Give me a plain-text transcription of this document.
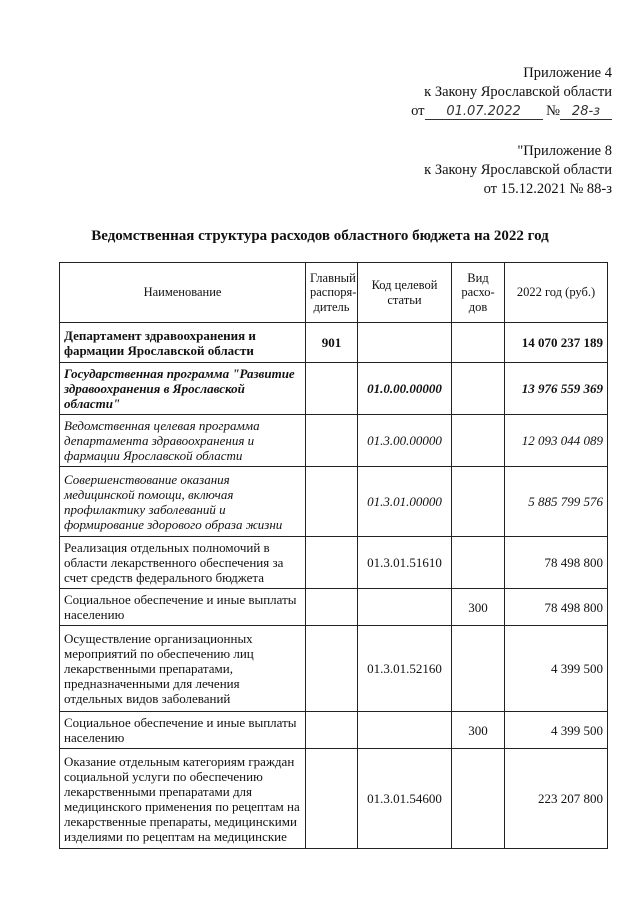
Приложение 4
к Закону Ярославской области
от 01.07.2022 № 28-з
"Приложение 8
к Закону Ярославской области
от 15.12.2021 № 88-з
Ведомственная структура расходов областного бюджета на 2022 год
Наименование	Главный распоря-дитель	Код целевой статьи	Вид расхо-дов	2022 год (руб.)
Департамент здравоохранения и фармации Ярославской области	901			14 070 237 189
Государственная программа "Развитие здравоохранения в Ярославской области"		01.0.00.00000		13 976 559 369
Ведомственная целевая программа департамента здравоохранения и фармации Ярославской области		01.3.00.00000		12 093 044 089
Совершенствование оказания медицинской помощи, включая профилактику заболеваний и формирование здорового образа жизни		01.3.01.00000		5 885 799 576
Реализация отдельных полномочий в области лекарственного обеспечения за счет средств федерального бюджета		01.3.01.51610		78 498 800
Социальное обеспечение и иные выплаты населению			300	78 498 800
Осуществление организационных мероприятий по обеспечению лиц лекарственными препаратами, предназначенными для лечения отдельных видов заболеваний		01.3.01.52160		4 399 500
Социальное обеспечение и иные выплаты населению			300	4 399 500
Оказание отдельным категориям граждан социальной услуги по обеспечению лекарственными препаратами для медицинского применения по рецептам на лекарственные препараты, медицинскими изделиями по рецептам на медицинские		01.3.01.54600		223 207 800
